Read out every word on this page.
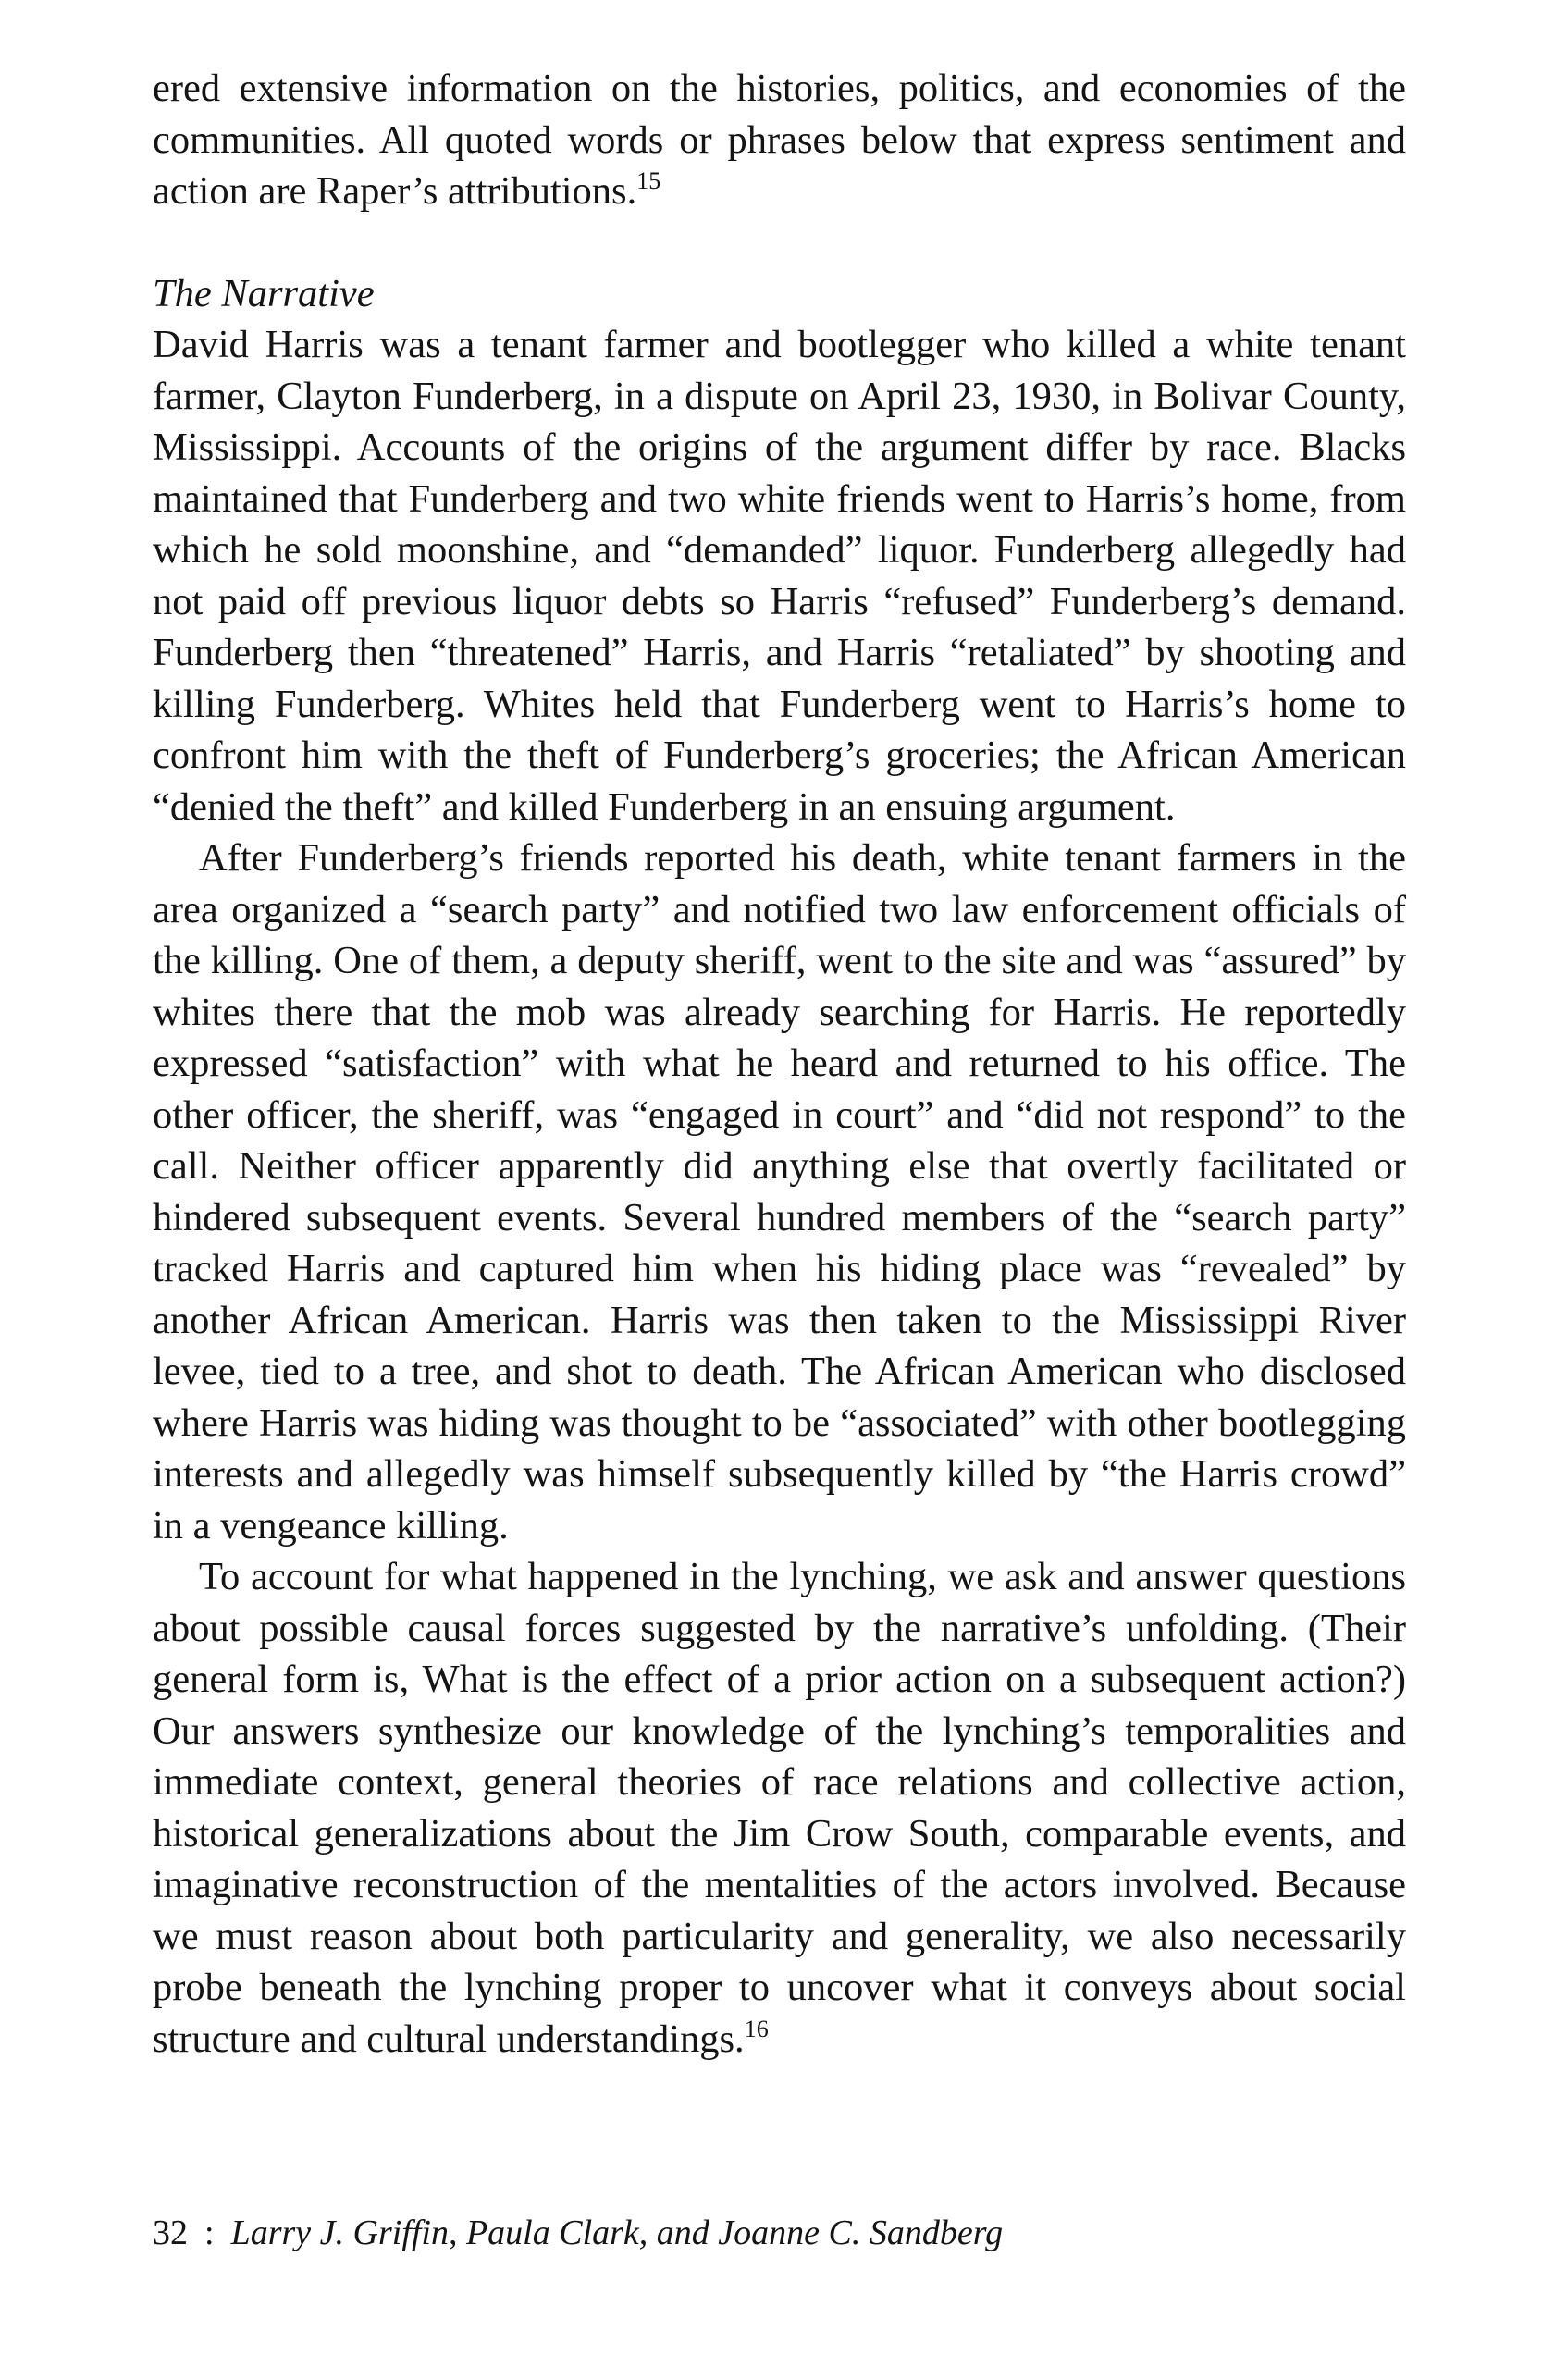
ered extensive information on the histories, politics, and economies of the communities. All quoted words or phrases below that express sentiment and action are Raper’s attributions.$^{15}$

The Narrative

David Harris was a tenant farmer and bootlegger who killed a white tenant farmer, Clayton Funderberg, in a dispute on April 23, 1930, in Bolivar County, Mississippi. Accounts of the origins of the argument differ by race. Blacks maintained that Funderberg and two white friends went to Harris’s home, from which he sold moonshine, and “demanded” liquor. Funderberg allegedly had not paid off previous liquor debts so Harris “refused” Funderberg’s demand. Funderberg then “threatened” Harris, and Harris “retaliated” by shooting and killing Funderberg. Whites held that Funderberg went to Harris’s home to confront him with the theft of Funderberg’s groceries; the African American “denied the theft” and killed Funderberg in an ensuing argument.

After Funderberg’s friends reported his death, white tenant farmers in the area organized a “search party” and notified two law enforcement officials of the killing. One of them, a deputy sheriff, went to the site and was “assured” by whites there that the mob was already searching for Harris. He reportedly expressed “satisfaction” with what he heard and returned to his office. The other officer, the sheriff, was “engaged in court” and “did not respond” to the call. Neither officer apparently did anything else that overtly facilitated or hindered subsequent events. Several hundred members of the “search party” tracked Harris and captured him when his hiding place was “revealed” by another African American. Harris was then taken to the Mississippi River levee, tied to a tree, and shot to death. The African American who disclosed where Harris was hiding was thought to be “associated” with other bootlegging interests and allegedly was himself subsequently killed by “the Harris crowd” in a vengeance killing.

To account for what happened in the lynching, we ask and answer questions about possible causal forces suggested by the narrative’s unfolding. (Their general form is, What is the effect of a prior action on a subsequent action?) Our answers synthesize our knowledge of the lynching’s temporalities and immediate context, general theories of race relations and collective action, historical generalizations about the Jim Crow South, comparable events, and imaginative reconstruction of the mentalities of the actors involved. Because we must reason about both particularity and generality, we also necessarily probe beneath the lynching proper to uncover what it conveys about social structure and cultural understandings.$^{16}$

32 : Larry J. Griffin, Paula Clark, and Joanne C. Sandberg
